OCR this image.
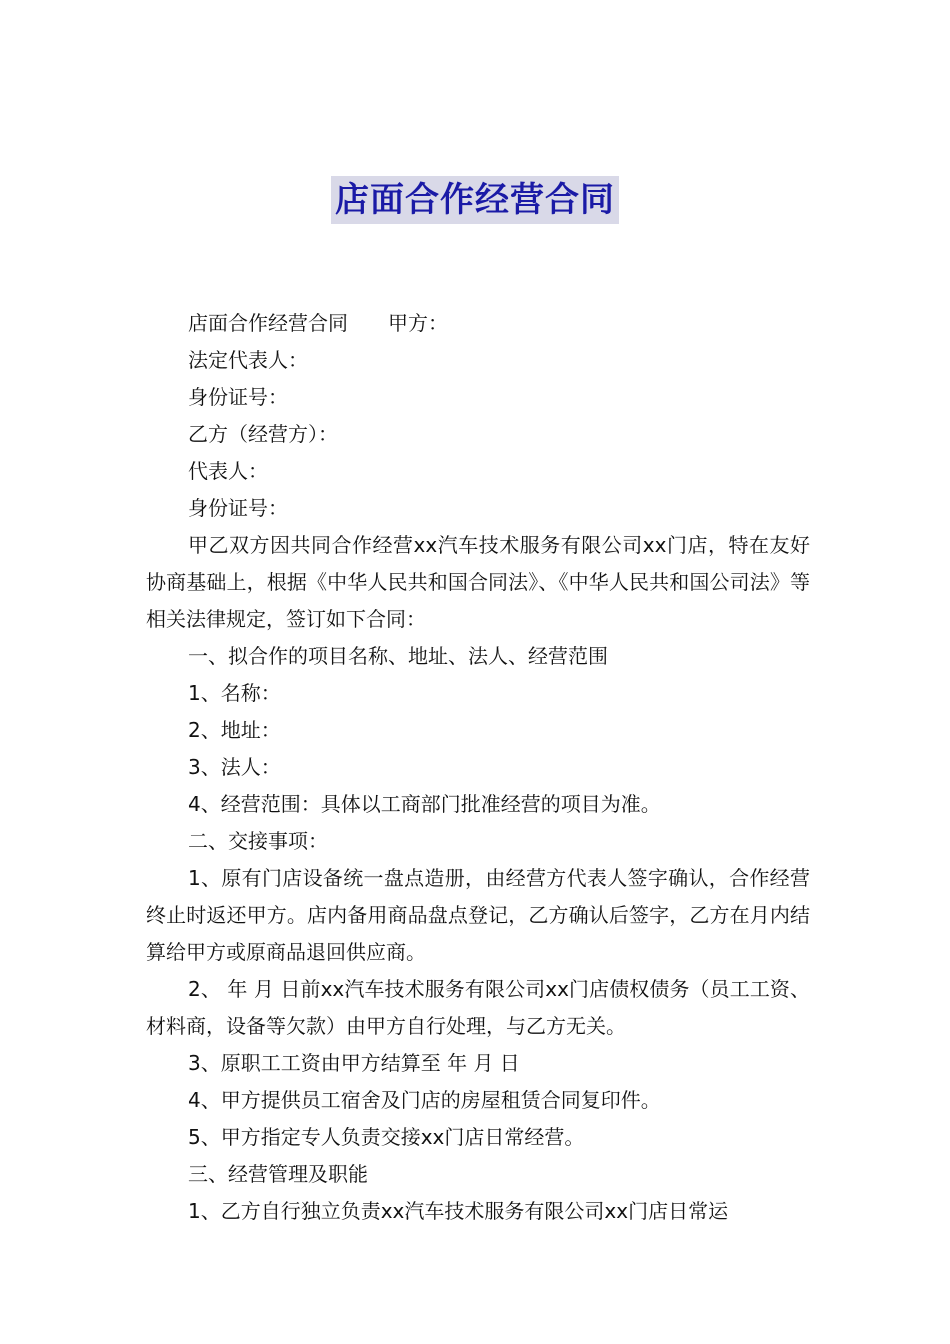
店面合作经营合同

店面合作经营合同　　甲方：

法定代表人：

身份证号：

乙方（经营方）：

代表人：

身份证号：

甲乙双方因共同合作经营xx汽车技术服务有限公司xx门店，特在友好协商基础上，根据《中华人民共和国合同法》、《中华人民共和国公司法》等相关法律规定，签订如下合同：

一、拟合作的项目名称、地址、法人、经营范围

1、名称：

2、地址：

3、法人：

4、经营范围：具体以工商部门批准经营的项目为准。

二、交接事项：

1、原有门店设备统一盘点造册，由经营方代表人签字确认，合作经营终止时返还甲方。店内备用商品盘点登记，乙方确认后签字，乙方在月内结算给甲方或原商品退回供应商。

2、 年 月 日前xx汽车技术服务有限公司xx门店债权债务（员工工资、材料商，设备等欠款）由甲方自行处理，与乙方无关。

3、原职工工资由甲方结算至 年 月 日

4、甲方提供员工宿舍及门店的房屋租赁合同复印件。

5、甲方指定专人负责交接xx门店日常经营。

三、经营管理及职能

1、乙方自行独立负责xx汽车技术服务有限公司xx门店日常运
